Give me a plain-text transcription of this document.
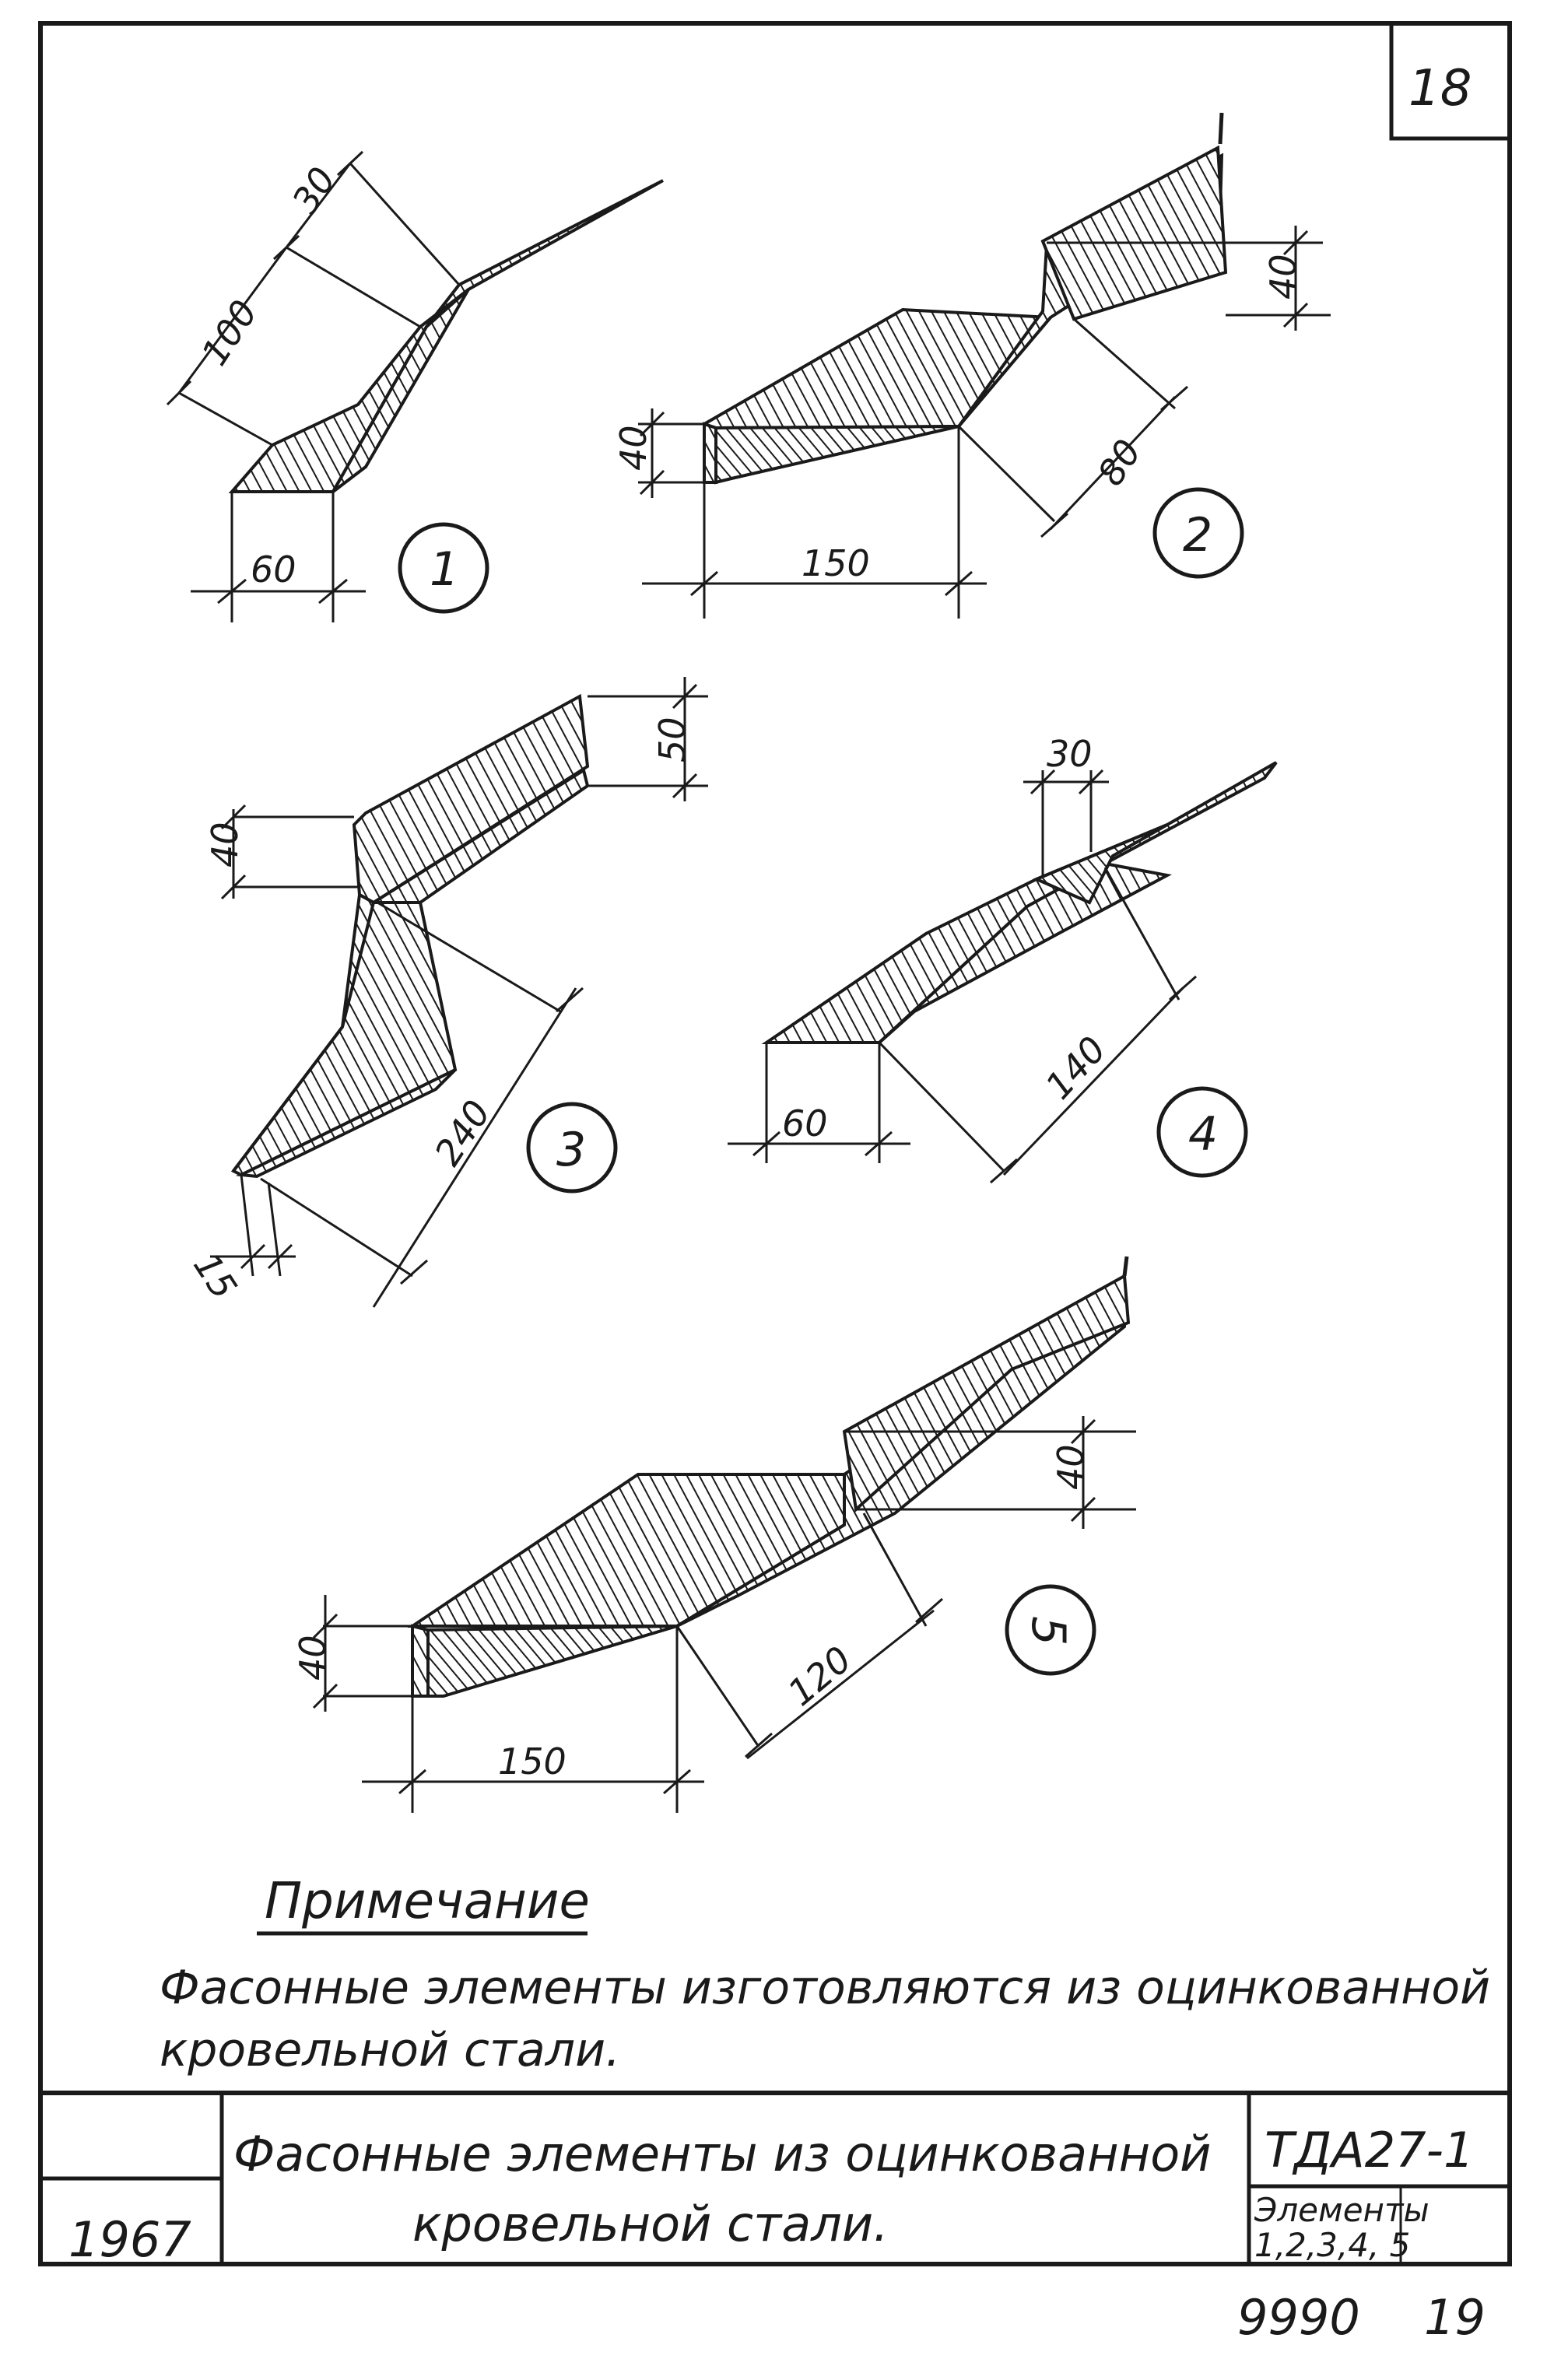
18
60
100
30
1
40
150
80
40
2
40
50
240
15
3	60
30
140
4
40
40
150
120
5
Примечание
Фасонные элементы изготовляются из оцинкованной
кровельной стали.
1967
Фасонные элементы из оцинкованной
кровельной стали.
ТДА27-1
Элементы
1,2,3,4, 5
9990 19
